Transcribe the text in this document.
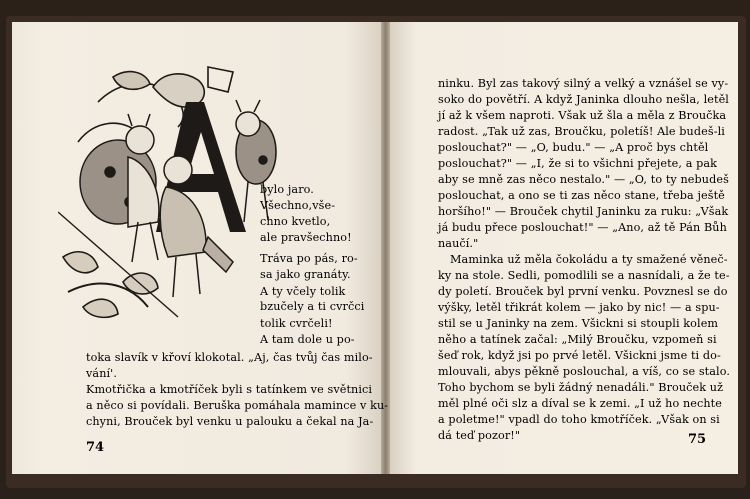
bylo jaro.
Všechno,vše-
chno kvetlo,
ale pravšechno!
Tráva po pás, ro-
sa jako granáty.
A ty včely tolik
bzučely a ti cvrčci
tolik cvrčeli!
A tam dole u po-
toka slavík v křoví klokotal. „Aj, čas tvůj čas milo-
vání'.
Kmotřička a kmotříček byli s tatínkem ve světnici
a něco si povídali. Beruška pomáhala mamince v ku-
chyni, Brouček byl venku u palouku a čekal na Ja-
74
ninku. Byl zas takový silný a velký a vznášel se vy-
soko do povětří. A když Janinka dlouho nešla, letěl
jí až k všem naproti. Však už šla a měla z Broučka
radost. „Tak už zas, Broučku, poletíš! Ale budeš-li
poslouchat?" — „O, budu." — „A proč bys chtěl
poslouchat?" — „I, že si to všichni přejete, a pak
aby se mně zas něco nestalo." — „O, to ty nebudeš
poslouchat, a ono se ti zas něco stane, třeba ještě
horšího!" — Brouček chytil Janinku za ruku: „Však
já budu přece poslouchat!" — „Ano, až tě Pán Bůh
naučí."
Maminka už měla čokoládu a ty smažené věneč-
ky na stole. Sedli, pomodlili se a nasnídali, a že te-
dy poletí. Brouček byl první venku. Povznesl se do
výšky, letěl třikrát kolem — jako by nic! — a spu-
stil se u Janinky na zem. Všickni si stoupli kolem
něho a tatínek začal: „Milý Broučku, vzpomeň si
šeď rok, když jsi po prvé letěl. Všickni jsme ti do-
mlouvali, abys pěkně poslouchal, a víš, co se stalo.
Toho bychom se byli žádný nenadáli." Brouček už
měl plné oči slz a díval se k zemi. „I už ho nechte
a poletme!" vpadl do toho kmotříček. „Však on si
dá teď pozor!"	75
